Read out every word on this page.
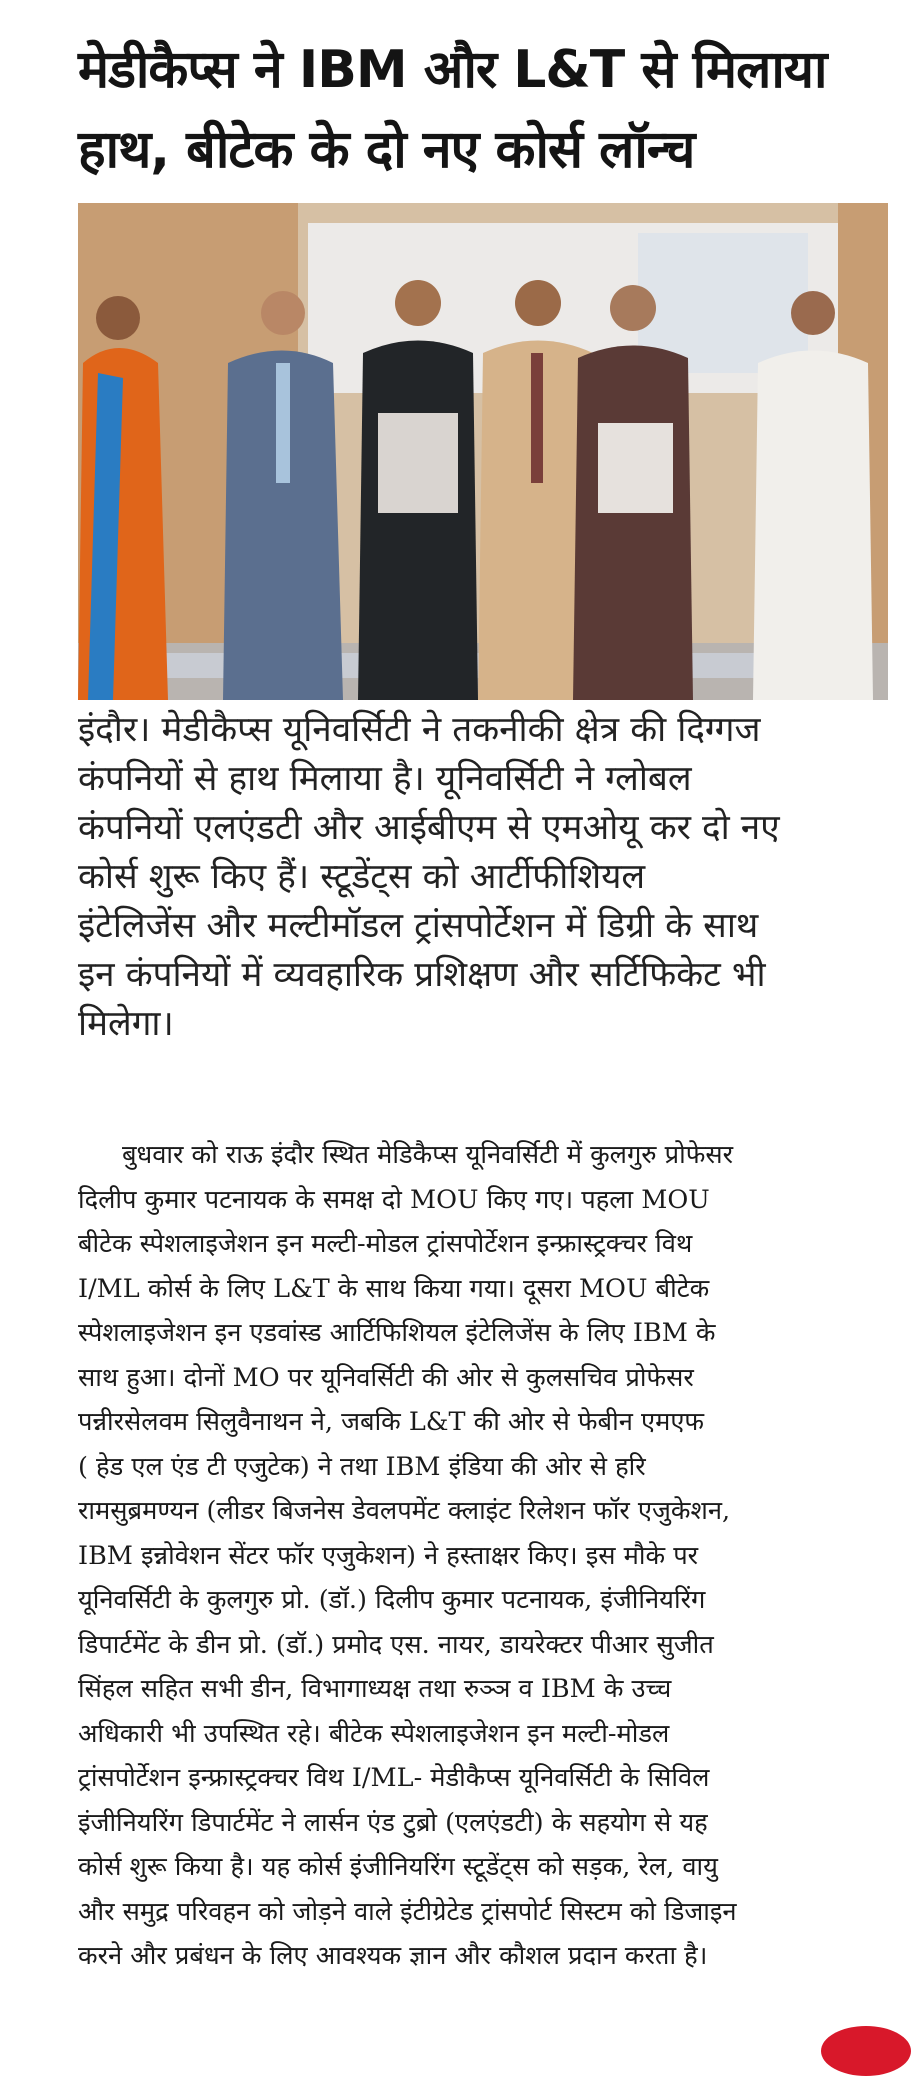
मेडीकैप्स ने IBM और L&T से मिलाया
हाथ, बीटेक के दो नए कोर्स लॉन्च
इंदौर। मेडीकैप्स यूनिवर्सिटी ने तकनीकी क्षेत्र की दिग्गज
कंपनियों से हाथ मिलाया है। यूनिवर्सिटी ने ग्लोबल
कंपनियों एलएंडटी और आईबीएम से एमओयू कर दो नए
कोर्स शुरू किए हैं। स्टूडेंट्स को आर्टीफीशियल
इंटेलिजेंस और मल्टीमॉडल ट्रांसपोर्टेशन में डिग्री के साथ
इन कंपनियों में व्यवहारिक प्रशिक्षण और सर्टिफिकेट भी
मिलेगा।
बुधवार को राऊ इंदौर स्थित मेडिकैप्स यूनिवर्सिटी में कुलगुरु प्रोफेसर
दिलीप कुमार पटनायक के समक्ष दो MOU किए गए। पहला MOU
बीटेक स्पेशलाइजेशन इन मल्टी-मोडल ट्रांसपोर्टेशन इन्फ्रास्ट्रक्चर विथ
I/ML कोर्स के लिए L&T के साथ किया गया। दूसरा MOU बीटेक
स्पेशलाइजेशन इन एडवांस्ड आर्टिफिशियल इंटेलिजेंस के लिए IBM के
साथ हुआ। दोनों MO पर यूनिवर्सिटी की ओर से कुलसचिव प्रोफेसर
पन्नीरसेलवम सिलुवैनाथन ने, जबकि L&T की ओर से फेबीन एमएफ
( हेड एल एंड टी एजुटेक) ने तथा IBM इंडिया की ओर से हरि
रामसुब्रमण्यन (लीडर बिजनेस डेवलपमेंट क्लाइंट रिलेशन फॉर एजुकेशन,
IBM इन्नोवेशन सेंटर फॉर एजुकेशन) ने हस्ताक्षर किए। इस मौके पर
यूनिवर्सिटी के कुलगुरु प्रो. (डॉ.) दिलीप कुमार पटनायक, इंजीनियरिंग
डिपार्टमेंट के डीन प्रो. (डॉ.) प्रमोद एस. नायर, डायरेक्टर पीआर सुजीत
सिंहल सहित सभी डीन, विभागाध्यक्ष तथा रुञ्ञ व IBM के उच्च
अधिकारी भी उपस्थित रहे। बीटेक स्पेशलाइजेशन इन मल्टी-मोडल
ट्रांसपोर्टेशन इन्फ्रास्ट्रक्चर विथ I/ML- मेडीकैप्स यूनिवर्सिटी के सिविल
इंजीनियरिंग डिपार्टमेंट ने लार्सन एंड टुब्रो (एलएंडटी) के सहयोग से यह
कोर्स शुरू किया है। यह कोर्स इंजीनियरिंग स्टूडेंट्स को सड़क, रेल, वायु
और समुद्र परिवहन को जोड़ने वाले इंटीग्रेटेड ट्रांसपोर्ट सिस्टम को डिजाइन
करने और प्रबंधन के लिए आवश्यक ज्ञान और कौशल प्रदान करता है।
